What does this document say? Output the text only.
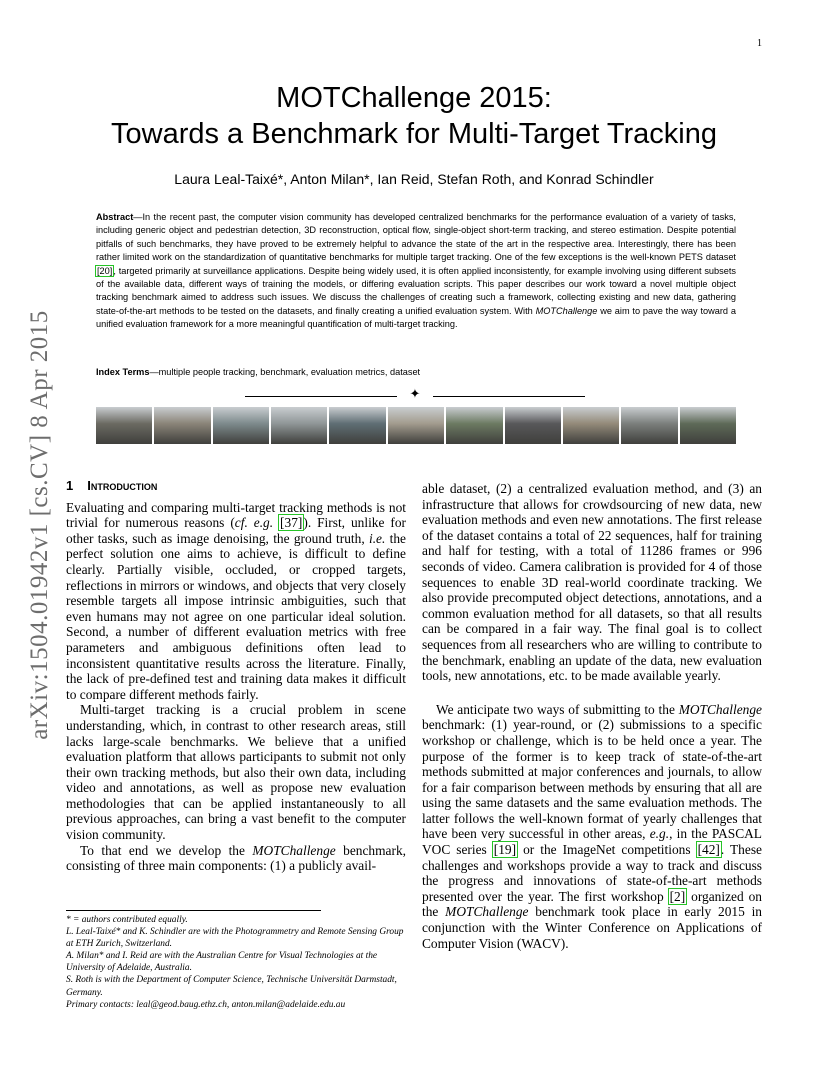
1
arXiv:1504.01942v1 [cs.CV] 8 Apr 2015
MOTChallenge 2015:
Towards a Benchmark for Multi-Target Tracking
Laura Leal-Taixé*, Anton Milan*, Ian Reid, Stefan Roth, and Konrad Schindler
Abstract—In the recent past, the computer vision community has developed centralized benchmarks for the performance evaluation of a variety of tasks, including generic object and pedestrian detection, 3D reconstruction, optical flow, single-object short-term tracking, and stereo estimation. Despite potential pitfalls of such benchmarks, they have proved to be extremely helpful to advance the state of the art in the respective area. Interestingly, there has been rather limited work on the standardization of quantitative benchmarks for multiple target tracking. One of the few exceptions is the well-known PETS dataset [20], targeted primarily at surveillance applications. Despite being widely used, it is often applied inconsistently, for example involving using different subsets of the available data, different ways of training the models, or differing evaluation scripts. This paper describes our work toward a novel multiple object tracking benchmark aimed to address such issues. We discuss the challenges of creating such a framework, collecting existing and new data, gathering state-of-the-art methods to be tested on the datasets, and finally creating a unified evaluation system. With MOTChallenge we aim to pave the way toward a unified evaluation framework for a more meaningful quantification of multi-target tracking.
Index Terms—multiple people tracking, benchmark, evaluation metrics, dataset
✦
1 Introduction

Evaluating and comparing multi-target tracking methods is not trivial for numerous reasons (cf. e.g. [37]). First, unlike for other tasks, such as image denoising, the ground truth, i.e. the perfect solution one aims to achieve, is difficult to define clearly. Partially visible, occluded, or cropped targets, reflections in mirrors or windows, and objects that very closely resemble targets all impose intrinsic ambiguities, such that even humans may not agree on one particular ideal solution. Second, a number of different evaluation metrics with free parameters and ambiguous definitions often lead to inconsistent quantitative results across the literature. Finally, the lack of pre-defined test and training data makes it difficult to compare different methods fairly.

Multi-target tracking is a crucial problem in scene understanding, which, in contrast to other research areas, still lacks large-scale benchmarks. We believe that a unified evaluation platform that allows participants to submit not only their own tracking methods, but also their own data, including video and annotations, as well as propose new evaluation methodologies that can be applied instantaneously to all previous approaches, can bring a vast benefit to the computer vision community.

To that end we develop the MOTChallenge benchmark, consisting of three main components: (1) a publicly avail-

able dataset, (2) a centralized evaluation method, and (3) an infrastructure that allows for crowdsourcing of new data, new evaluation methods and even new annotations. The first release of the dataset contains a total of 22 sequences, half for training and half for testing, with a total of 11286 frames or 996 seconds of video. Camera calibration is provided for 4 of those sequences to enable 3D real-world coordinate tracking. We also provide precomputed object detections, annotations, and a common evaluation method for all datasets, so that all results can be compared in a fair way. The final goal is to collect sequences from all researchers who are willing to contribute to the benchmark, enabling an update of the data, new evaluation tools, new annotations, etc. to be made available yearly.

We anticipate two ways of submitting to the MOTChallenge benchmark: (1) year-round, or (2) submissions to a specific workshop or challenge, which is to be held once a year. The purpose of the former is to keep track of state-of-the-art methods submitted at major conferences and journals, to allow for a fair comparison between methods by ensuring that all are using the same datasets and the same evaluation methods. The latter follows the well-known format of yearly challenges that have been very successful in other areas, e.g., in the PASCAL VOC series [19] or the ImageNet competitions [42]. These challenges and workshops provide a way to track and discuss the progress and innovations of state-of-the-art methods presented over the year. The first workshop [2] organized on the MOTChallenge benchmark took place in early 2015 in conjunction with the Winter Conference on Applications of Computer Vision (WACV).

* = authors contributed equally.
L. Leal-Taixé* and K. Schindler are with the Photogrammetry and Remote Sensing Group at ETH Zurich, Switzerland.
A. Milan* and I. Reid are with the Australian Centre for Visual Technologies at the University of Adelaide, Australia.
S. Roth is with the Department of Computer Science, Technische Universität Darmstadt, Germany.
Primary contacts: leal@geod.baug.ethz.ch, anton.milan@adelaide.edu.au
